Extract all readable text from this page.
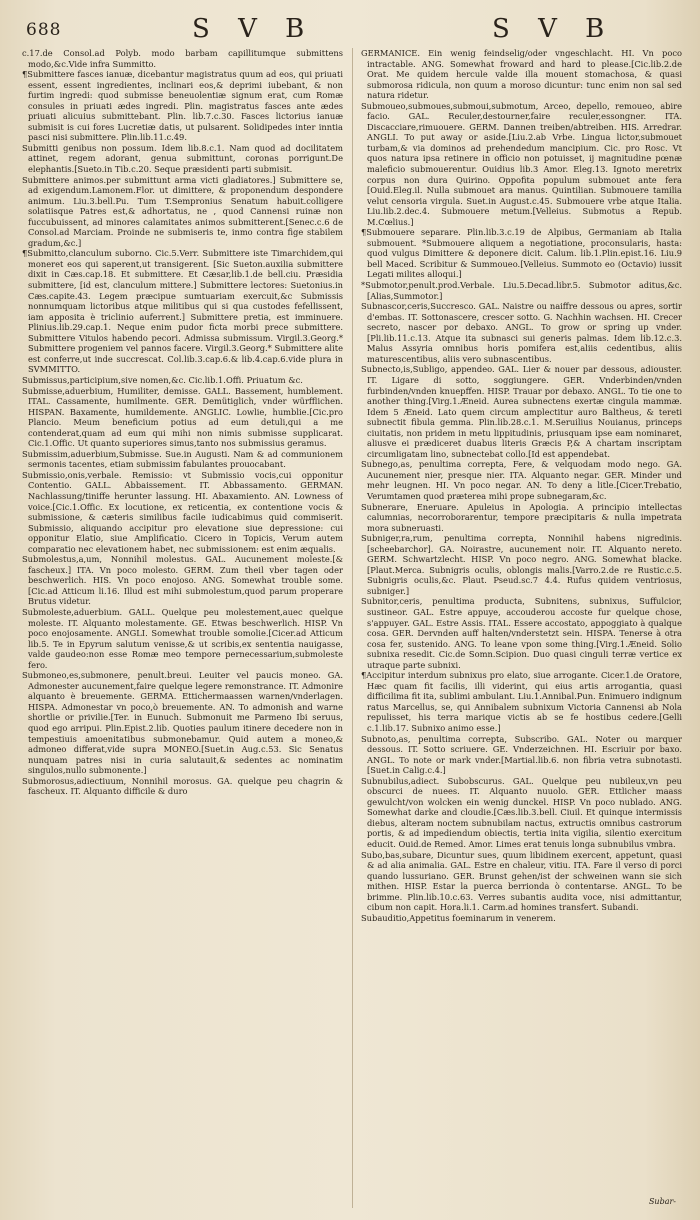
688	S V B	S V B

c.17.de Consol.ad Polyb. modo barbam capillitumque submittens modo,&c.Vide infra Summitto.

¶Submittere fasces ianuæ, dicebantur magistratus quum ad eos, qui priuati essent, essent ingredientes, inclinari eos,& deprimi iubebant, & non furtim ingredi: quod submisse beneuolentiæ signum erat, cum Romæ consules in priuati ædes ingredi. Plin. magistratus fasces ante ædes priuati alicuius submittebant. Plin. lib.7.c.30. Fasces lictorius ianuæ submisit is cui fores Lucretiæ datis, ut pulsarent. Solidipedes inter inntia pasci nisi submittere. Plin.lib.11.c.49.

Submitti genibus non possum. Idem lib.8.c.1. Nam quod ad docilitatem attinet, regem adorant, genua submittunt, coronas porrigunt.De elephantis.[Sueto.in Tib.c.20. Seque præsidenti parti submisit.

Submittere animos.per submittunt arma victi gladiatores.] Submittere se, ad exigendum.Lamonem.Flor. ut dimittere, & proponendum despondere animum. Liu.3.bell.Pu. Tum T.Sempronius Senatum habuit.colligere solatiisque Patres est,& adhortatus, ne , quod Cannensi ruinæ non fuccubuissent, ad minores calamitates animos submitterent.[Senec.c.6 de Consol.ad Marciam. Proinde ne submiseris te, inmo contra fige stabilem gradum,&c.]

¶Submitto,clanculum suborno. Cic.5.Verr. Submittere iste Timarchidem,qui moneret eos qui saperent,ut transigerent. [Sic Sueton.auxilia submittere dixit in Cæs.cap.18. Et submittere. Et Cæsar,lib.1.de bell.ciu. Præsidia submittere, [id est, clanculum mittere.] Submittere lectores: Suetonius.in Cæs.capite.43. Legem præcipue sumtuariam exercuit,&c Submissis nonnumquam lictoribus atque militibus qui si qua custodes fefellissent, iam apposita è triclinio auferrent.] Submittere pretia, est imminuere. Plinius.lib.29.cap.1. Neque enim pudor ficta morbi prece submittere. Submittere Vitulos habendo pecori. Admissa submissum. Virgil.3.Georg.* Submittere progeniem vel pannos facere. Virgil.3.Georg.* Submittere alite est conferre,ut inde succrescat. Col.lib.3.cap.6.& lib.4.cap.6.vide plura in SVMMITTO.

Submissus,participium,sive nomen,&c. Cic.lib.1.Offi. Priuatum &c.

Submisse,aduerbium, Humiliter, demisse. GALL. Bassement, humblement. ITAL. Cassamente, humilmente. GER. Demütiglich, vnder würfflichen. HISPAN. Baxamente, humildemente. ANGLIC. Lowlie, humblie.[Cic.pro Plancio. Meum beneficium potius ad eum detuli,qui a me contenderat,quam ad eum qui mihi non nimis submisse supplicarat. Cic.1.Offic. Ut quanto superiores simus,tanto nos submissius geramus.

Submissim,aduerbium,Submisse. Sue.in Augusti. Nam & ad communionem sermonis tacentes, etiam submissim fabulantes prouocabant.

Submissio,onis,verbale. Remissio: vt Submissio vocis,cui opponitur Contentio. GALL. Abbaissement. IT. Abbassamento. GERMAN. Nachlassung/tiniffe herunter lassung. HI. Abaxamiento. AN. Lowness of voice.[Cic.1.Offic. Ex locutione, ex reticentia, ex contentione vocis & submissione, & cæteris similibus facile iudicabimus quid commiserit. Submissio, aliquando accipitur pro elevatione siue depressione: cui opponitur Elatio, siue Amplificatio. Cicero in Topicis, Verum autem comparatio nec elevationem habet, nec submissionem: est enim æqualis.

Submolestus,a,um, Nonnihil molestus. GAL. Aucunement moleste.[& fascheux.] ITA. Vn poco molesto. GERM. Zum theil vber tagen oder beschwerlich. HIS. Vn poco enojoso. ANG. Somewhat trouble some.[Cic.ad Atticum li.16. Illud est mihi submolestum,quod parum properare Brutus videtur.

Submoleste,aduerbium. GALL. Quelque peu molestement,auec quelque moleste. IT. Alquanto molestamente. GE. Etwas beschwerlich. HISP. Vn poco enojosamente. ANGLI. Somewhat trouble somolie.[Cicer.ad Atticum lib.5. Te in Epyrum salutum venisse,& ut scribis,ex sententia nauigasse, valde gaudeo:non esse Romæ meo tempore pernecessarium,submoleste fero.

Submoneo,es,submonere, penult.breui. Leuiter vel paucis moneo. GA. Admonester aucunement,faire quelque legere remonstrance. IT. Admonire alquanto è breuemente. GERMA. Ettichermaassen warnen/vnderlagen. HISPA. Admonestar vn poco,ò breuemente. AN. To admonish and warne shortlie or privilie.[Ter. in Eunuch. Submonuit me Parmeno Ibi seruus, quod ego arripui. Plin.Epist.2.lib. Quoties paulum itinere decedere non in tempestiuis amoenitatibus submonebamur. Quid autem a moneo,& admoneo differat,vide supra MONEO.[Suet.in Aug.c.53. Sic Senatus nunquam patres nisi in curia salutauit,& sedentes ac nominatim singulos,nullo submonente.]

Submorosus,adiectiuum, Nonnihil morosus. GA. quelque peu chagrin & fascheux. IT. Alquanto difficile & duro

GERMANICE. Ein wenig feindselig/oder vngeschlacht. HI. Vn poco intractable. ANG. Somewhat froward and hard to please.[Cic.lib.2.de Orat. Me quidem hercule valde illa mouent stomachosa, & quasi submorosa ridicula, non quum a moroso dicuntur: tunc enim non sal sed natura ridetur.

Submoueo,submoues,submoui,submotum, Arceo, depello, remoueo, abire facio. GAL. Reculer,destourner,faire reculer,essongner. ITA. Discacciare,rimuouere. GERM. Dannen treiben/abtreiben. HIS. Arredrar. ANGLI. To put away or aside.[Liu.2.ab Vrbe. Lingua lictor,submouet turbam,& via dominos ad prehendedum mancipium. Cic. pro Rosc. Vt quos natura ipsa retinere in officio non potuisset, ij magnitudine pœnæ maleficio submouerentur. Ouidius lib.3 Amor. Eleg.13. Ignoto meretrix corpus non dura Quirino. Oppofita populum submouet ante fera [Ouid.Eleg.il. Nulla submouet ara manus. Quintilian. Submouere tamilia velut censoria virgula. Suet.in August.c.45. Submouere vrbe atque Italia. Liu.lib.2.dec.4. Submouere metum.[Velleius. Submotus a Repub. M.Cœlius.]

¶Submouere separare. Plin.lib.3.c.19 de Alpibus, Germaniam ab Italia submouent. *Submouere aliquem a negotiatione, proconsularis, hasta: quod vulgus Dimittere & deponere dicit. Calum. lib.1.Plin.epist.16. Liu.9 bell Maced. Scribitur & Summoueo.[Velleius. Summoto eo (Octavio) iussit Legati milites alloqui.]

*Submotor,penult.prod.Verbale. Liu.5.Decad.libr.5. Submotor aditus,&c.[Alias,Summotor.]

Subnascor,ceris,Succresco. GAL. Naistre ou naiffre dessous ou apres, sortir d'embas. IT. Sottonascere, crescer sotto. G. Nachhin wachsen. HI. Crecer secreto, nascer por debaxo. ANGL. To grow or spring up vnder.[Pli.lib.11.c.13. Atque ita subnasci sui generis palmas. Idem lib.12.c.3. Malus Assyria omnibus horis pomifera est,aliis cedentibus, aliis maturescentibus, aliis vero subnascentibus.

Subnecto,is,Subligo, appendeo. GAL. Lier & nouer par dessous, adiouster. IT. Ligare di sotto, soggiungere. GER. Vnderbinden/vnden furbinden/vnden knuepffen. HISP. Trauar por debaxo. ANGL. To tie one to another thing.[Virg.1.Æneid. Aurea subnectens exertæ cingula mammæ. Idem 5 Æneid. Lato quem circum amplectitur auro Baltheus, & tereti subnectit fibula gemma. Plin.lib.28.c.1. M.Seruilius Nouianus, princeps ciuitatis, non pridem in metu lippitudinis, priusquam ipse eam nominaret, aliusve ei prædiceret duabus literis Græcis P,& A chartam inscriptam circumligatam lino, subnectebat collo.[Id est appendebat.

Subnego,as, penultima correpta, Fere, & velquodam modo nego. GA. Aucunement nier, presque nier. ITA. Alquanto negar. GER. Minder und mehr leugnen. HI. Vn poco negar. AN. To deny a litle.[Cicer.Trebatio, Verumtamen quod præterea mihi prope subnegaram,&c.

Subnerare, Eneruare. Apuleius in Apologia. A principio intellectas calumnias, necorroborarentur, tempore præcipitaris & nulla impetrata mora subneruasti.

Subniger,ra,rum, penultima correpta, Nonnihil habens nigredinis. [scheebarchor]. GA. Noirastre, aucunement noir. IT. Alquanto nereto. GERM. Schwartzlecht. HISP. Vn poco negro. ANG. Somewhat blacke.[Plaut.Merca. Subnigris oculis, oblongis malis.[Varro.2.de re Rustic.c.5. Subnigris oculis,&c. Plaut. Pseud.sc.7 4.4. Rufus quidem ventriosus, subniger.]

Subnitor,ceris, penultima producta, Subnitens, subnixus, Suffulcior, sustineor. GAL. Estre appuye, accouderou accoste fur quelque chose, s'appuyer. GAL. Estre Assis. ITAL. Essere accostato, appoggiato à qualque cosa. GER. Dervnden auff halten/vnderstetzt sein. HISPA. Tenerse à otra cosa fer, sustenido. ANG. To leane vpon some thing.[Virg.1.Æneid. Solio subnixa resedit. Cic.de Somn.Scipion. Duo quasi cinguli terræ vertice ex utraque parte subnixi.

¶Accipitur interdum subnixus pro elato, siue arrogante. Cicer.1.de Oratore, Hæc quam fit facilis, illi viderint, qui eius artis arrogantia, quasi difficilima fit ita, sublimi ambulant. Liu.1.Annibal.Pun. Enimuero indignum ratus Marcellus, se, qui Annibalem subnixum Victoria Cannensi ab Nola repulisset, his terra marique victis ab se fe hostibus cedere.[Gelli c.1.lib.17. Subnixo animo esse.]

Subnoto,as, penultima correpta, Subscribo. GAL. Noter ou marquer dessous. IT. Sotto scriuere. GE. Vnderzeichnen. HI. Escriuir por baxo. ANGL. To note or mark vnder.[Martial.lib.6. non fibria vetra subnotasti.[Suet.in Calig.c.4.]

Subnubilus,adiect. Subobscurus. GAL. Quelque peu nubileux,vn peu obscurci de nuees. IT. Alquanto nuuolo. GER. Ettlicher maass gewulcht/von wolcken ein wenig dunckel. HISP. Vn poco nublado. ANG. Somewhat darke and cloudie.[Cæs.lib.3.bell. Ciuil. Et quinque intermissis diebus, alteram noctem subnubilam nactus, extructis omnibus castrorum portis, & ad impediendum obiectis, tertia inita vigilia, silentio exercitum educit. Ouid.de Remed. Amor. Limes erat tenuis longa subnubilus vmbra.

Subo,bas,subare, Dicuntur sues, quum libidinem exercent, appetunt, quasi & ad alia animalia. GAL. Estre en chaleur, vitiu. ITA. Fare il verso di porci quando lussuriano. GER. Brunst gehen/ist der schweinen wann sie sich mithen. HISP. Estar la puerca berrionda ò contentarse. ANGL. To be brimme. Plin.lib.10.c.63. Verres subantis audita voce, nisi admittantur, cibum non capit. Hora.li.1. Carm.ad homines transfert. Subandi.

Subauditio,Appetitus foeminarum in venerem.

Subar-
